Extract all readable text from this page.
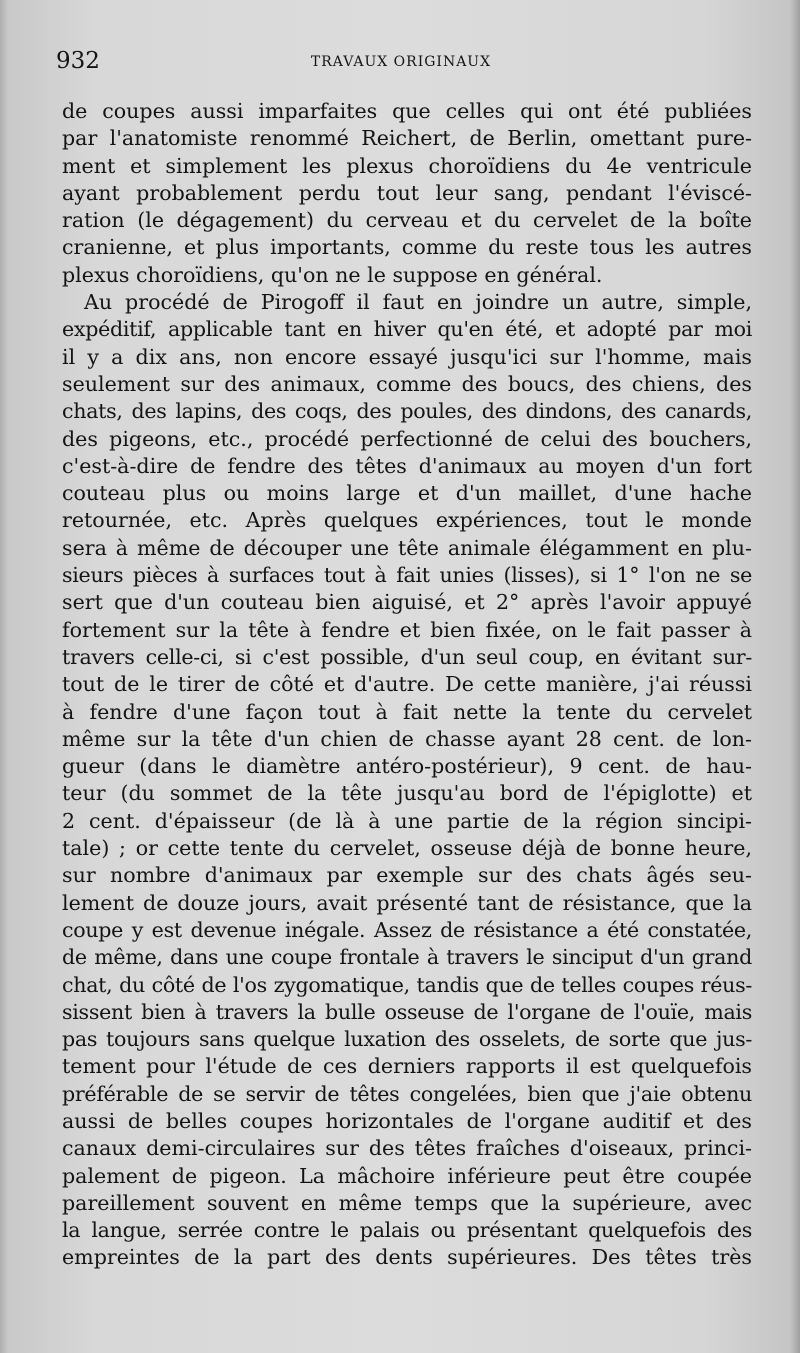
932	TRAVAUX ORIGINAUX
de coupes aussi imparfaites que celles qui ont été publiées
par l'anatomiste renommé Reichert, de Berlin, omettant pure-
ment et simplement les plexus choroïdiens du 4e ventricule
ayant probablement perdu tout leur sang, pendant l'éviscé-
ration (le dégagement) du cerveau et du cervelet de la boîte
cranienne, et plus importants, comme du reste tous les autres
plexus choroïdiens, qu'on ne le suppose en général.
Au procédé de Pirogoff il faut en joindre un autre, simple,
expéditif, applicable tant en hiver qu'en été, et adopté par moi
il y a dix ans, non encore essayé jusqu'ici sur l'homme, mais
seulement sur des animaux, comme des boucs, des chiens, des
chats, des lapins, des coqs, des poules, des dindons, des canards,
des pigeons, etc., procédé perfectionné de celui des bouchers,
c'est-à-dire de fendre des têtes d'animaux au moyen d'un fort
couteau plus ou moins large et d'un maillet, d'une hache
retournée, etc. Après quelques expériences, tout le monde
sera à même de découper une tête animale élégamment en plu-
sieurs pièces à surfaces tout à fait unies (lisses), si 1° l'on ne se
sert que d'un couteau bien aiguisé, et 2° après l'avoir appuyé
fortement sur la tête à fendre et bien fixée, on le fait passer à
travers celle-ci, si c'est possible, d'un seul coup, en évitant sur-
tout de le tirer de côté et d'autre. De cette manière, j'ai réussi
à fendre d'une façon tout à fait nette la tente du cervelet
même sur la tête d'un chien de chasse ayant 28 cent. de lon-
gueur (dans le diamètre antéro-postérieur), 9 cent. de hau-
teur (du sommet de la tête jusqu'au bord de l'épiglotte) et
2 cent. d'épaisseur (de là à une partie de la région sincipi-
tale) ; or cette tente du cervelet, osseuse déjà de bonne heure,
sur nombre d'animaux par exemple sur des chats âgés seu-
lement de douze jours, avait présenté tant de résistance, que la
coupe y est devenue inégale. Assez de résistance a été constatée,
de même, dans une coupe frontale à travers le sinciput d'un grand
chat, du côté de l'os zygomatique, tandis que de telles coupes réus-
sissent bien à travers la bulle osseuse de l'organe de l'ouïe, mais
pas toujours sans quelque luxation des osselets, de sorte que jus-
tement pour l'étude de ces derniers rapports il est quelquefois
préférable de se servir de têtes congelées, bien que j'aie obtenu
aussi de belles coupes horizontales de l'organe auditif et des
canaux demi-circulaires sur des têtes fraîches d'oiseaux, princi-
palement de pigeon. La mâchoire inférieure peut être coupée
pareillement souvent en même temps que la supérieure, avec
la langue, serrée contre le palais ou présentant quelquefois des
empreintes de la part des dents supérieures. Des têtes très
